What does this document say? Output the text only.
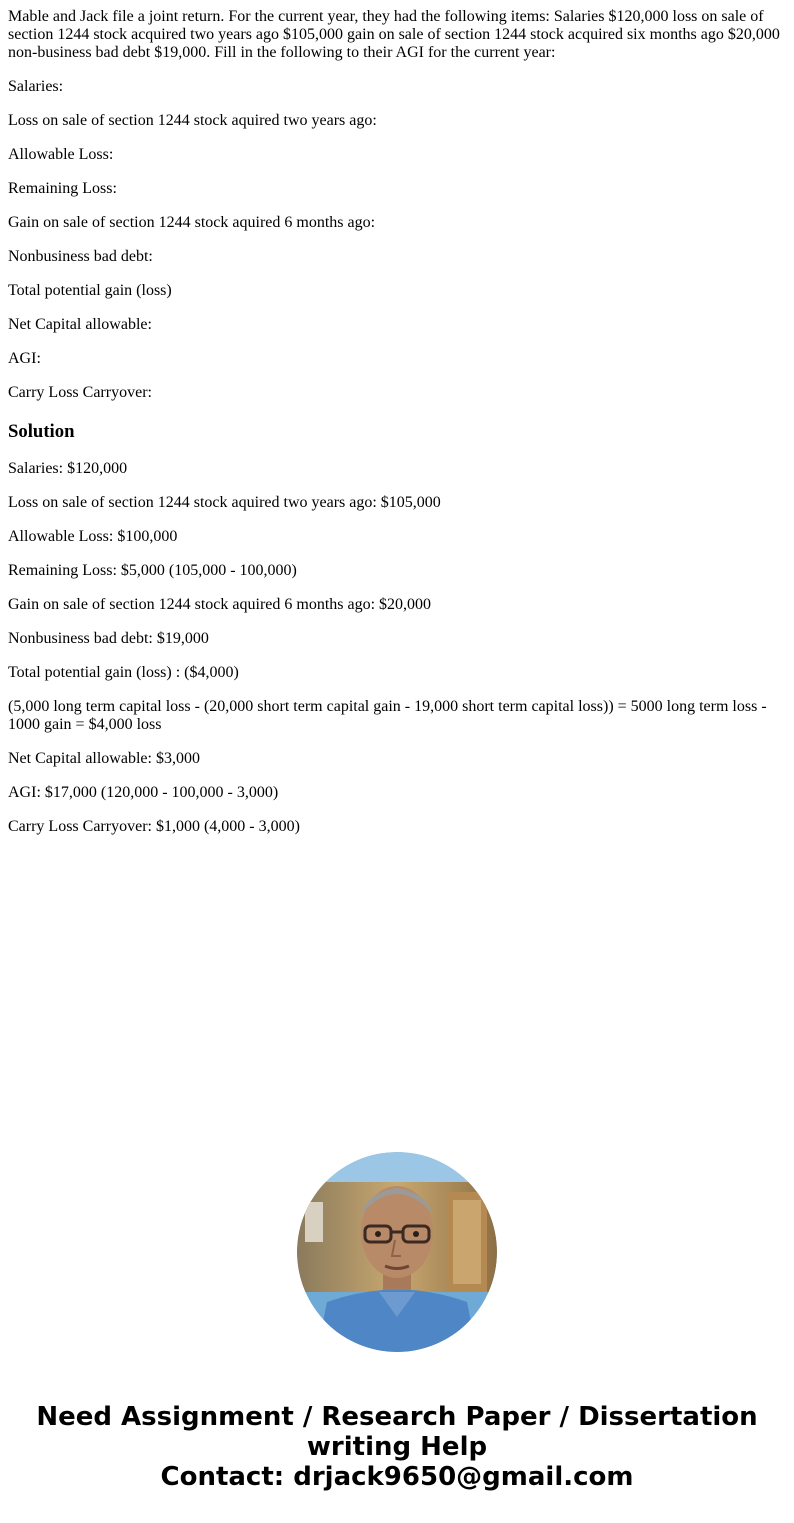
Mable and Jack file a joint return. For the current year, they had the following items: Salaries $120,000 loss on sale of section 1244 stock acquired two years ago $105,000 gain on sale of section 1244 stock acquired six months ago $20,000 non-business bad debt $19,000. Fill in the following to their AGI for the current year:

Salaries:

Loss on sale of section 1244 stock aquired two years ago:

Allowable Loss:

Remaining Loss:

Gain on sale of section 1244 stock aquired 6 months ago:

Nonbusiness bad debt:

Total potential gain (loss)

Net Capital allowable:

AGI:

Carry Loss Carryover:

Solution

Salaries: $120,000

Loss on sale of section 1244 stock aquired two years ago: $105,000

Allowable Loss: $100,000

Remaining Loss: $5,000 (105,000 - 100,000)

Gain on sale of section 1244 stock aquired 6 months ago: $20,000

Nonbusiness bad debt: $19,000

Total potential gain (loss) : ($4,000)

(5,000 long term capital loss - (20,000 short term capital gain - 19,000 short term capital loss)) = 5000 long term loss - 1000 gain = $4,000 loss

Net Capital allowable: $3,000

AGI: $17,000 (120,000 - 100,000 - 3,000)

Carry Loss Carryover: $1,000 (4,000 - 3,000)

Need Assignment / Research Paper / Dissertation writing Help
Contact: drjack9650@gmail.com
